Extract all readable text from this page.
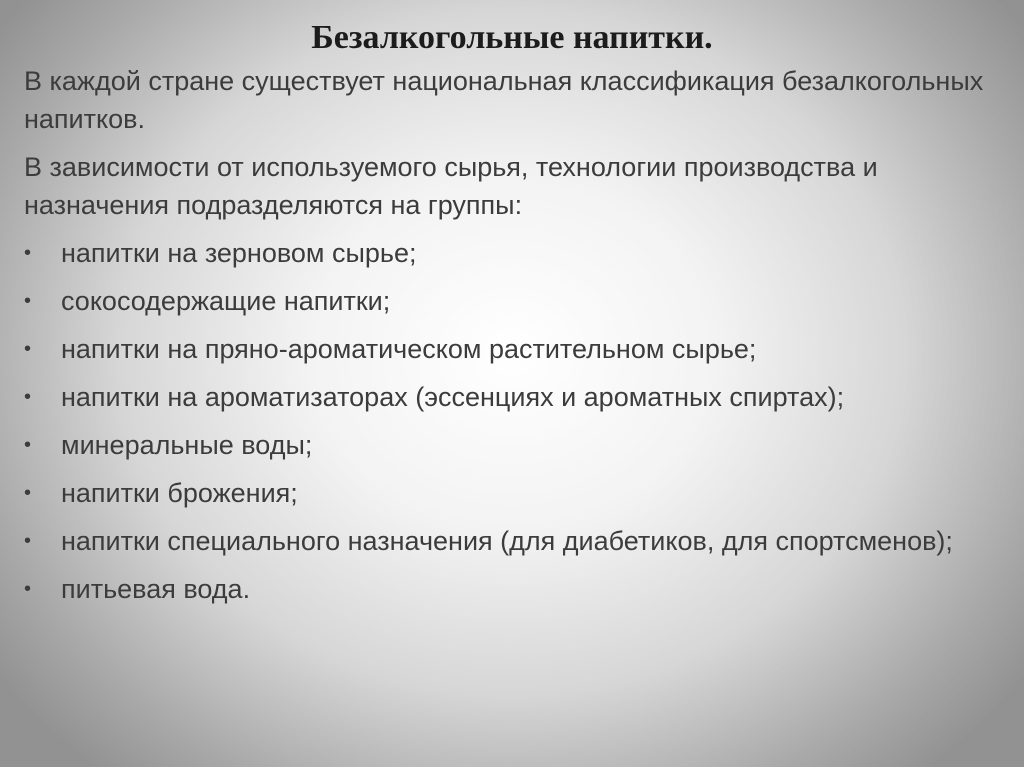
Безалкогольные напитки.

В каждой стране существует национальная классификация безалкогольных напитков.

В зависимости от используемого сырья, технологии производства и назначения подразделяются на группы:

• напитки на зерновом сырье;
• сокосодержащие напитки;
• напитки на пряно-ароматическом растительном сырье;
• напитки на ароматизаторах (эссенциях и ароматных спиртах);
• минеральные воды;
• напитки брожения;
• напитки специального назначения (для диабетиков, для спортсменов);
• питьевая вода.
